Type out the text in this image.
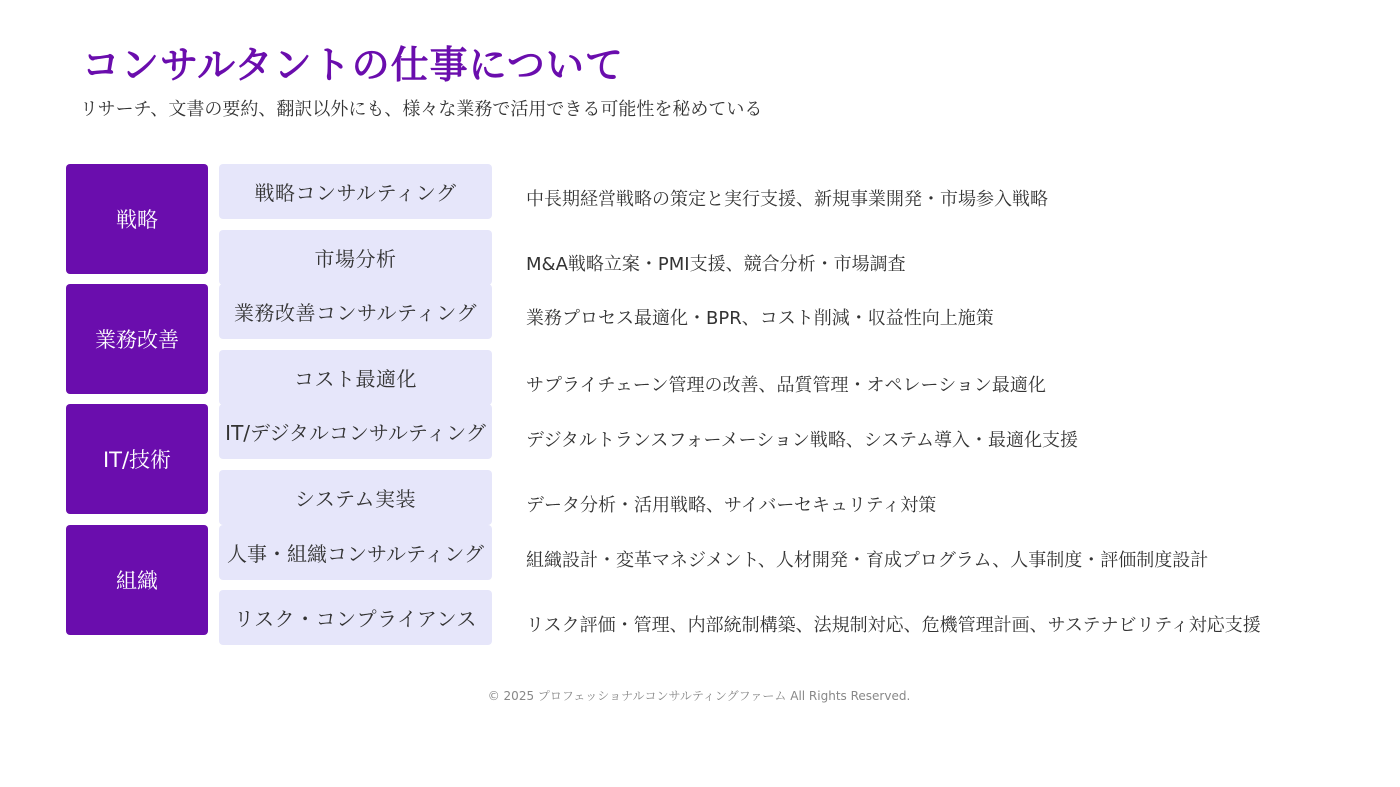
コンサルタントの仕事について
リサーチ、文書の要約、翻訳以外にも、様々な業務で活用できる可能性を秘めている
戦略
業務改善
IT/技術
組織
戦略コンサルティング
市場分析
業務改善コンサルティング
コスト最適化
IT/デジタルコンサルティング
システム実装
人事・組織コンサルティング
リスク・コンプライアンス
中長期経営戦略の策定と実行支援、新規事業開発・市場参入戦略
M&A戦略立案・PMI支援、競合分析・市場調査
業務プロセス最適化・BPR、コスト削減・収益性向上施策
サプライチェーン管理の改善、品質管理・オペレーション最適化
デジタルトランスフォーメーション戦略、システム導入・最適化支援
データ分析・活用戦略、サイバーセキュリティ対策
組織設計・変革マネジメント、人材開発・育成プログラム、人事制度・評価制度設計
リスク評価・管理、内部統制構築、法規制対応、危機管理計画、サステナビリティ対応支援
© 2025 プロフェッショナルコンサルティングファーム All Rights Reserved.
